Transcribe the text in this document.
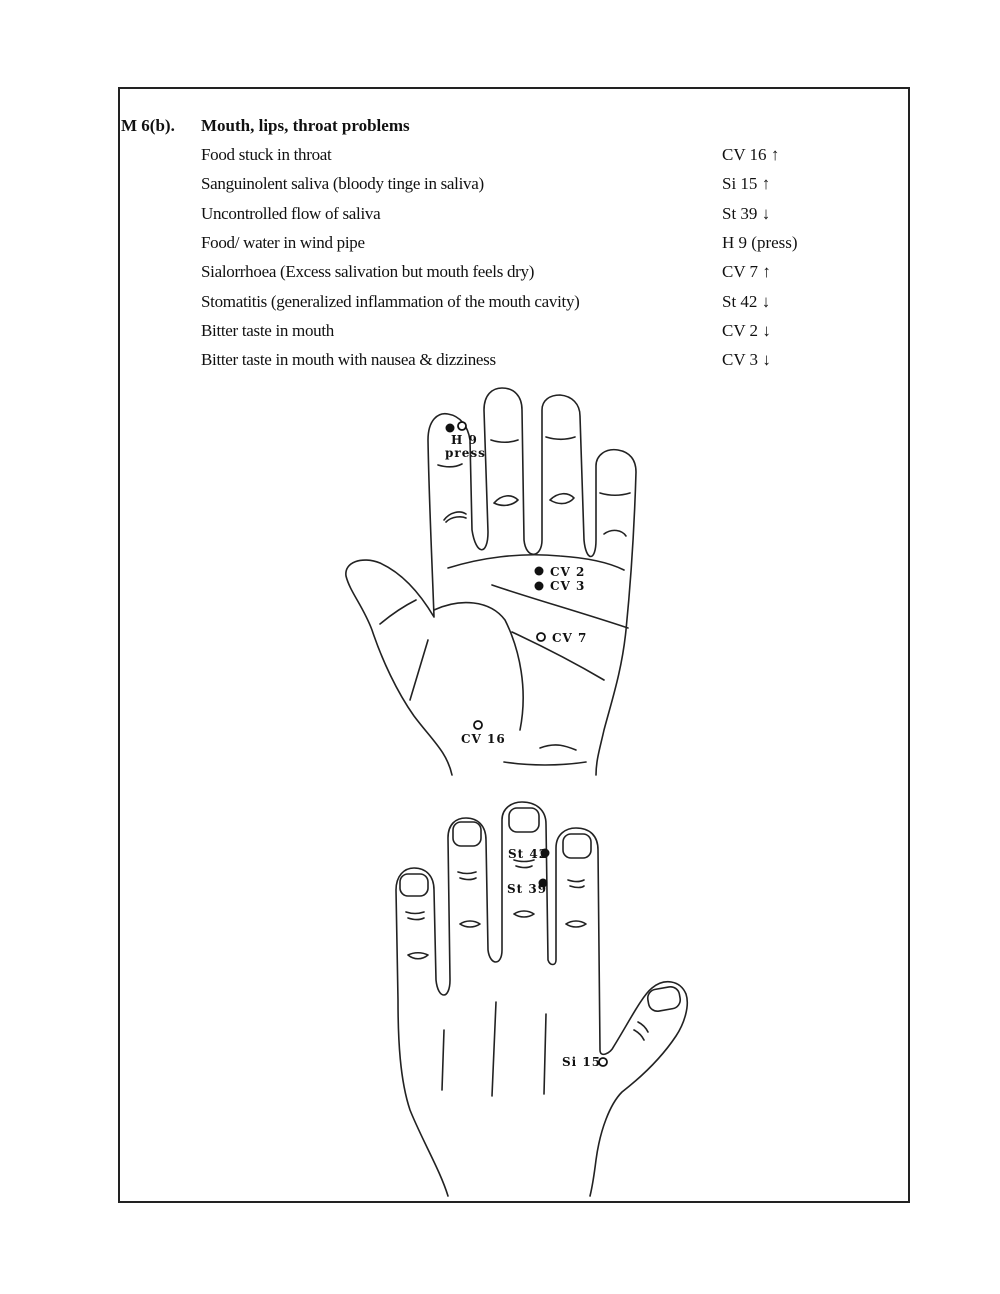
M 6(b). Mouth, lips, throat problems
Food stuck in throat	CV 16 ↑
Sanguinolent saliva (bloody tinge in saliva)	Si 15 ↑
Uncontrolled flow of saliva	St 39 ↓
Food/ water in wind pipe	H 9 (press)
Sialorrhoea (Excess salivation but mouth feels dry)	CV 7 ↑
Stomatitis (generalized inflammation of the mouth cavity)	St 42 ↓
Bitter taste in mouth	CV 2 ↓
Bitter taste in mouth with nausea & dizziness	CV 3 ↓
H 9
press
CV 2
CV 3
CV 7
CV 16
St 42
St 39
Si 15
